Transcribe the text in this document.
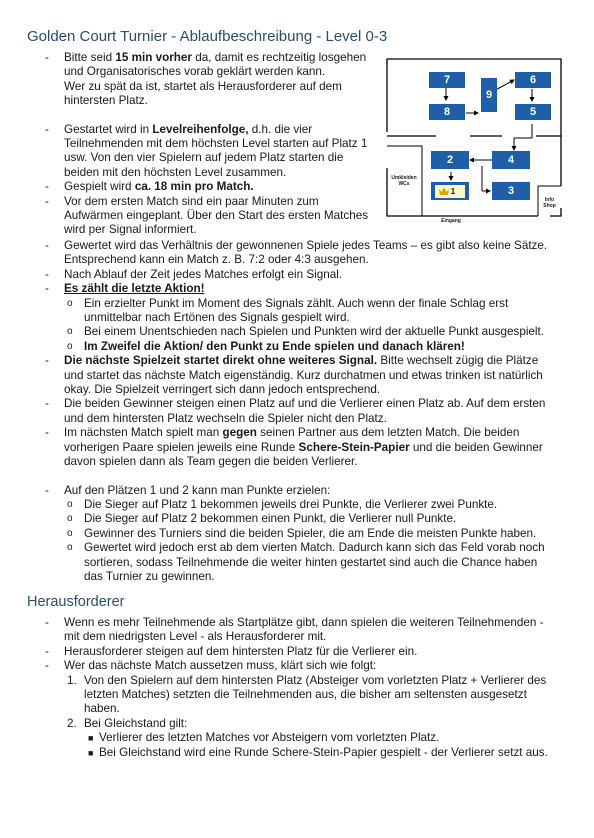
Golden Court Turnier - Ablaufbeschreibung - Level 0-3
7
8
9
6
5
2	4
3
1
Umkleiden
WCs
Info
Shop
Eingang
- Bitte seid 15 min vorher da, damit es rechtzeitig losgehen
und Organisatorisches vorab geklärt werden kann.
Wer zu spät da ist, startet als Herausforderer auf dem
hintersten Platz.
- Gestartet wird in Levelreihenfolge, d.h. die vier
Teilnehmenden mit dem höchsten Level starten auf Platz 1
usw. Von den vier Spielern auf jedem Platz starten die
beiden mit den höchsten Level zusammen.
- Gespielt wird ca. 18 min pro Match.
- Vor dem ersten Match sind ein paar Minuten zum
Aufwärmen eingeplant. Über den Start des ersten Matches
wird per Signal informiert.
- Gewertet wird das Verhältnis der gewonnenen Spiele jedes Teams – es gibt also keine Sätze.
Entsprechend kann ein Match z. B. 7:2 oder 4:3 ausgehen.
- Nach Ablauf der Zeit jedes Matches erfolgt ein Signal.
- Es zählt die letzte Aktion!
o Ein erzielter Punkt im Moment des Signals zählt. Auch wenn der finale Schlag erst
unmittelbar nach Ertönen des Signals gespielt wird.
o Bei einem Unentschieden nach Spielen und Punkten wird der aktuelle Punkt ausgespielt.
o Im Zweifel die Aktion/ den Punkt zu Ende spielen und danach klären!
- Die nächste Spielzeit startet direkt ohne weiteres Signal. Bitte wechselt zügig die Plätze
und startet das nächste Match eigenständig. Kurz durchatmen und etwas trinken ist natürlich
okay. Die Spielzeit verringert sich dann jedoch entsprechend.
- Die beiden Gewinner steigen einen Platz auf und die Verlierer einen Platz ab. Auf dem ersten
und dem hintersten Platz wechseln die Spieler nicht den Platz.
- Im nächsten Match spielt man gegen seinen Partner aus dem letzten Match. Die beiden
vorherigen Paare spielen jeweils eine Runde Schere-Stein-Papier und die beiden Gewinner
davon spielen dann als Team gegen die beiden Verlierer.
- Auf den Plätzen 1 und 2 kann man Punkte erzielen:
o Die Sieger auf Platz 1 bekommen jeweils drei Punkte, die Verlierer zwei Punkte.
o Die Sieger auf Platz 2 bekommen einen Punkt, die Verlierer null Punkte.
o Gewinner des Turniers sind die beiden Spieler, die am Ende die meisten Punkte haben.
o Gewertet wird jedoch erst ab dem vierten Match. Dadurch kann sich das Feld vorab noch
sortieren, sodass Teilnehmende die weiter hinten gestartet sind auch die Chance haben
das Turnier zu gewinnen.
Herausforderer
- Wenn es mehr Teilnehmende als Startplätze gibt, dann spielen die weiteren Teilnehmenden -
mit dem niedrigsten Level - als Herausforderer mit.
- Herausforderer steigen auf dem hintersten Platz für die Verlierer ein.
- Wer das nächste Match aussetzen muss, klärt sich wie folgt:
1. Von den Spielern auf dem hintersten Platz (Absteiger vom vorletzten Platz + Verlierer des
letzten Matches) setzten die Teilnehmenden aus, die bisher am seltensten ausgesetzt
haben.
2. Bei Gleichstand gilt:
■ Verlierer des letzten Matches vor Absteigern vom vorletzten Platz.
■ Bei Gleichstand wird eine Runde Schere-Stein-Papier gespielt - der Verlierer setzt aus.
